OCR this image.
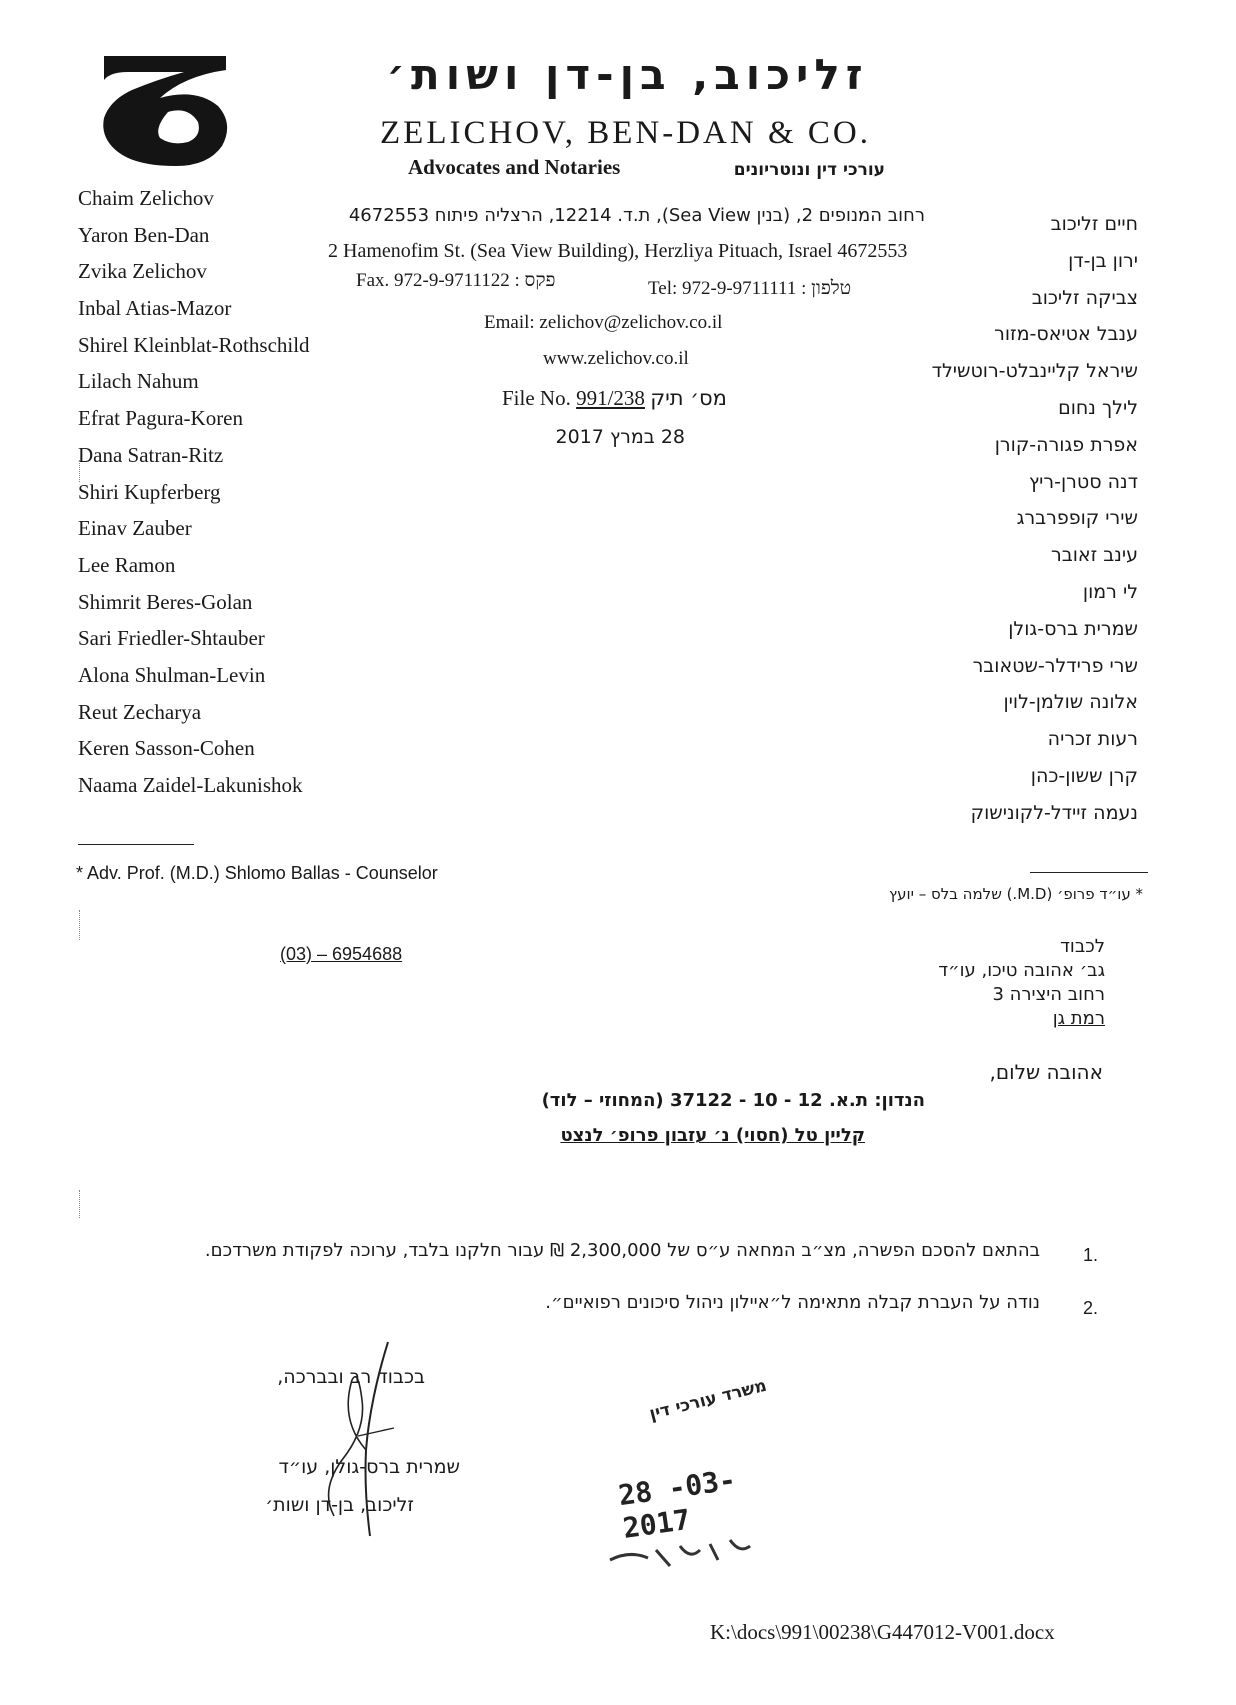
זליכוב, בן-דן ושות׳
ZELICHOV, BEN-DAN & CO.
Advocates and Notaries	עורכי דין ונוטריונים
רחוב המנופים 2, (בנין Sea View), ת.ד. 12214, הרצליה פיתוח 4672553
2 Hamenofim St. (Sea View Building), Herzliya Pituach, Israel 4672553
Fax. 972-9-9711122 : פקס	Tel: 972-9-9711111 : טלפון
Email: zelichov@zelichov.co.il
www.zelichov.co.il
File No. 991/238 מס׳ תיק
28 במרץ 2017
Chaim Zelichov
Yaron Ben-Dan
Zvika Zelichov
Inbal Atias-Mazor
Shirel Kleinblat-Rothschild
Lilach Nahum
Efrat Pagura-Koren
Dana Satran-Ritz
Shiri Kupferberg
Einav Zauber
Lee Ramon
Shimrit Beres-Golan
Sari Friedler-Shtauber
Alona Shulman-Levin
Reut Zecharya
Keren Sasson-Cohen
Naama Zaidel-Lakunishok
חיים זליכוב
ירון בן-דן
צביקה זליכוב
ענבל אטיאס-מזור
שיראל קליינבלט-רוטשילד
לילך נחום
אפרת פגורה-קורן
דנה סטרן-ריץ
שירי קופפרברג
עינב זאובר
לי רמון
שמרית ברס-גולן
שרי פרידלר-שטאובר
אלונה שולמן-לוין
רעות זכריה
קרן ששון-כהן
נעמה זיידל-לקונישוק
* Adv. Prof. (M.D.) Shlomo Ballas - Counselor
* עו״ד פרופ׳ (M.D.) שלמה בלס – יועץ
(03) – 6954688	לכבוד
גב׳ אהובה טיכו, עו״ד
רחוב היצירה 3
רמת גן
אהובה שלום,
הנדון: ת.א. 12 - 10 - 37122 (המחוזי – לוד)
קליין טל (חסוי) נ׳ עזבון פרופ׳ לנצט
בהתאם להסכם הפשרה, מצ״ב המחאה ע״ס של 2,300,000 ₪ עבור חלקנו בלבד, ערוכה לפקודת משרדכם. 1.
נודה על העברת קבלה מתאימה ל״איילון ניהול סיכונים רפואיים״. 2.
בכבוד רב ובברכה,
שמרית ברס-גולן, עו״ד
זליכוב, בן-דן ושות׳
משרד עורכי דין
28 -03- 2017
K:\docs\991\00238\G447012-V001.docx
